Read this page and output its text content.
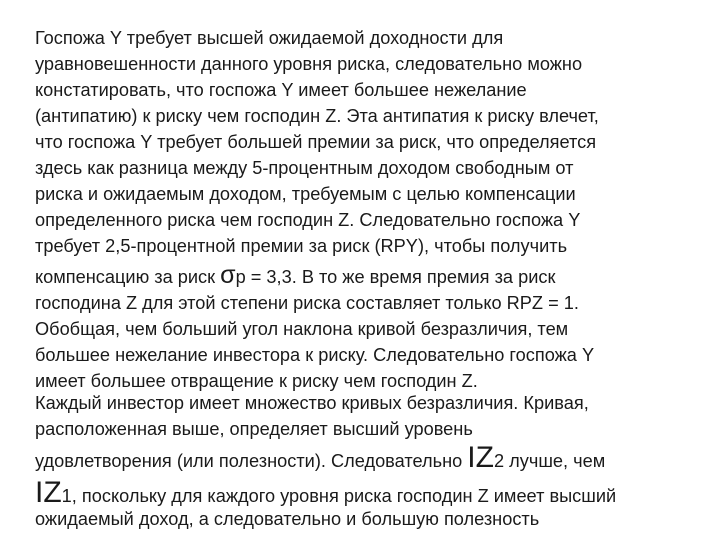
Госпожа Y требует высшей ожидаемой доходности для
уравновешенности данного уровня риска, следовательно можно
констатировать, что госпожа Y имеет большее нежелание
(антипатию) к риску чем господин Z. Эта антипатия к риску влечет,
что госпожа Y требует большей премии за риск, что определяется
здесь как разница между 5-процентным доходом свободным от
риска и ожидаемым доходом, требуемым с целью компенсации
определенного риска чем господин Z. Следовательно госпожа Y
требует 2,5-процентной премии за риск (RPY), чтобы получить
компенсацию за риск σр = 3,3. В то же время премия за риск
господина Z для этой степени риска составляет только RPZ = 1.
Обобщая, чем больший угол наклона кривой безразличия, тем
большее нежелание инвестора к риску. Следовательно госпожа Y
имеет большее отвращение к риску чем господин Z.
Каждый инвестор имеет множество кривых безразличия. Кривая,
расположенная выше, определяет высший уровень
удовлетворения (или полезности). Следовательно IZ2 лучше, чем
IZ1, поскольку для каждого уровня риска господин Z имеет высший
ожидаемый доход, а следовательно и большую полезность
